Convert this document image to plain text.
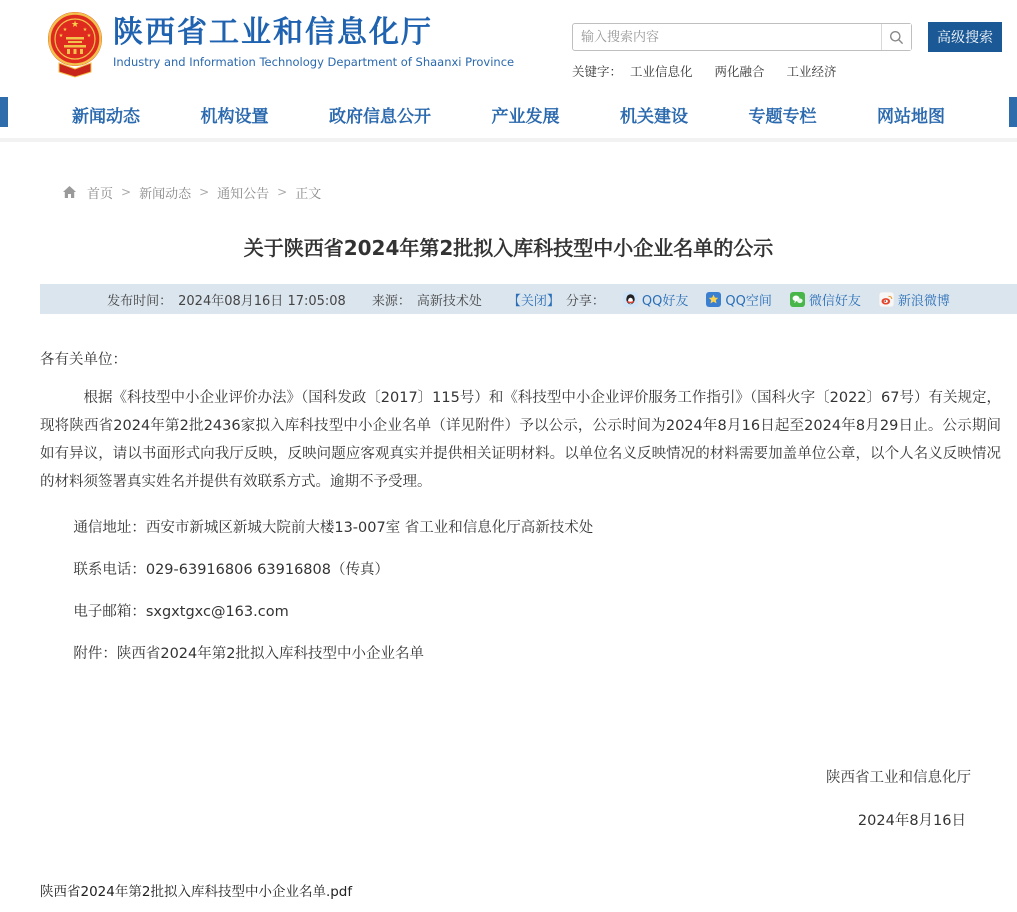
★
★	★
★	★ 陕西省工业和信息化厅
Industry and Information Technology Department of Shaanxi Province
输入搜索内容
高级搜索
关键字： 工业信息化 两化融合 工业经济
新闻动态	机构设置	政府信息公开	产业发展	机关建设	专题专栏	网站地图
首页 > 新闻动态 > 通知公告 > 正文
关于陕西省2024年第2批拟入库科技型中小企业名单的公示
发布时间： 2024年08月16日 17:05:08 来源： 高新技术处 【关闭】 分享：	QQ好友	QQ空间	微信好友	新浪微博
各有关单位：
根据《科技型中小企业评价办法》（国科发政〔2017〕115号）和《科技型中小企业评价服务工作指引》（国科火字〔2022〕67号）有关规定，现将陕西省2024年第2批2436家拟入库科技型中小企业名单（详见附件）予以公示，公示时间为2024年8月16日起至2024年8月29日止。公示期间如有异议，请以书面形式向我厅反映，反映问题应客观真实并提供相关证明材料。以单位名义反映情况的材料需要加盖单位公章，以个人名义反映情况的材料须签署真实姓名并提供有效联系方式。逾期不予受理。
通信地址：西安市新城区新城大院前大楼13-007室 省工业和信息化厅高新技术处
联系电话：029-63916806 63916808（传真）
电子邮箱：sxgxtgxc@163.com
附件：陕西省2024年第2批拟入库科技型中小企业名单
陕西省工业和信息化厅
2024年8月16日
陕西省2024年第2批拟入库科技型中小企业名单.pdf
